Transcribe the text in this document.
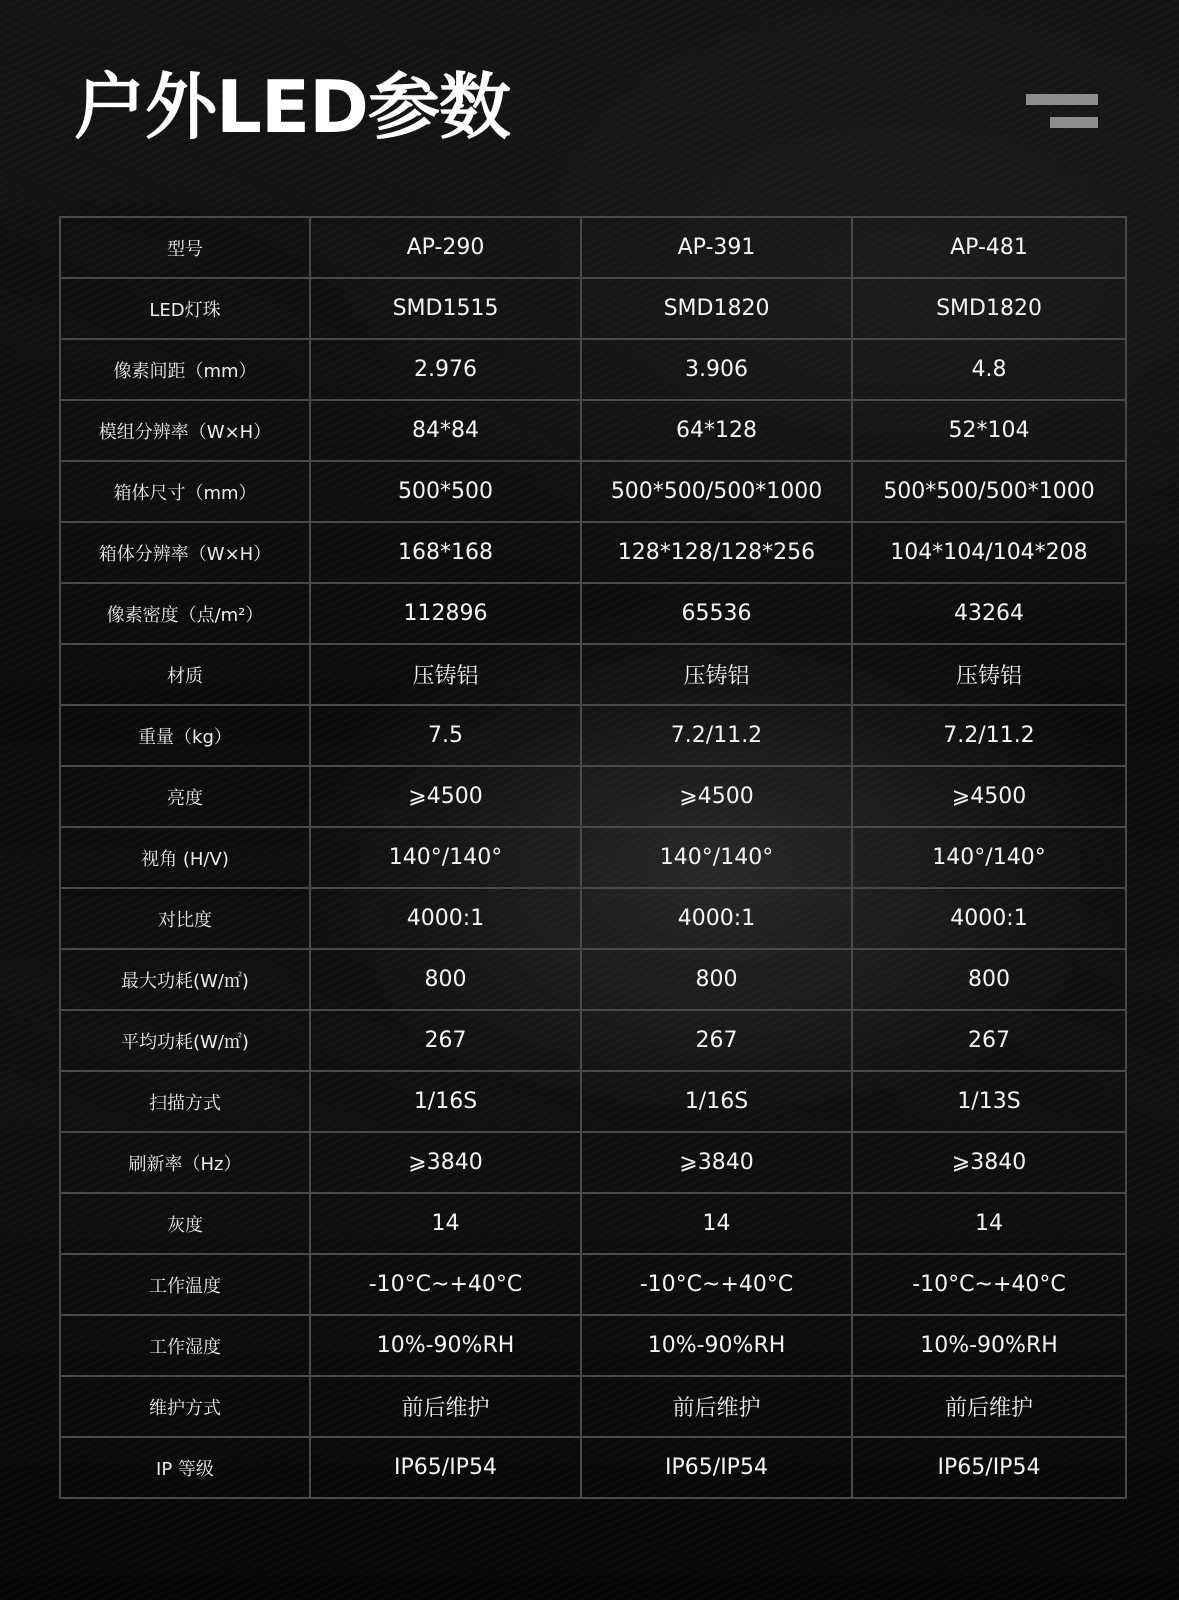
户外LED参数
型号	AP-290	AP-391	AP-481
LED灯珠	SMD1515	SMD1820	SMD1820
像素间距（mm）	2.976	3.906	4.8
模组分辨率（W×H）	84*84	64*128	52*104
箱体尺寸（mm）	500*500	500*500/500*1000	500*500/500*1000
箱体分辨率（W×H）	168*168	128*128/128*256	104*104/104*208
像素密度（点/m²）	112896	65536	43264
材质	压铸铝	压铸铝	压铸铝
重量（kg）	7.5	7.2/11.2	7.2/11.2
亮度	⩾4500	⩾4500	⩾4500
视角 (H/V)	140°/140°	140°/140°	140°/140°
对比度	4000:1	4000:1	4000:1
最大功耗(W/㎡)	800	800	800
平均功耗(W/㎡)	267	267	267
扫描方式	1/16S	1/16S	1/13S
刷新率（Hz）	⩾3840	⩾3840	⩾3840
灰度	14	14	14
工作温度	-10°C~+40°C	-10°C~+40°C	-10°C~+40°C
工作湿度	10%-90%RH	10%-90%RH	10%-90%RH
维护方式	前后维护	前后维护	前后维护
IP 等级	IP65/IP54	IP65/IP54	IP65/IP54
